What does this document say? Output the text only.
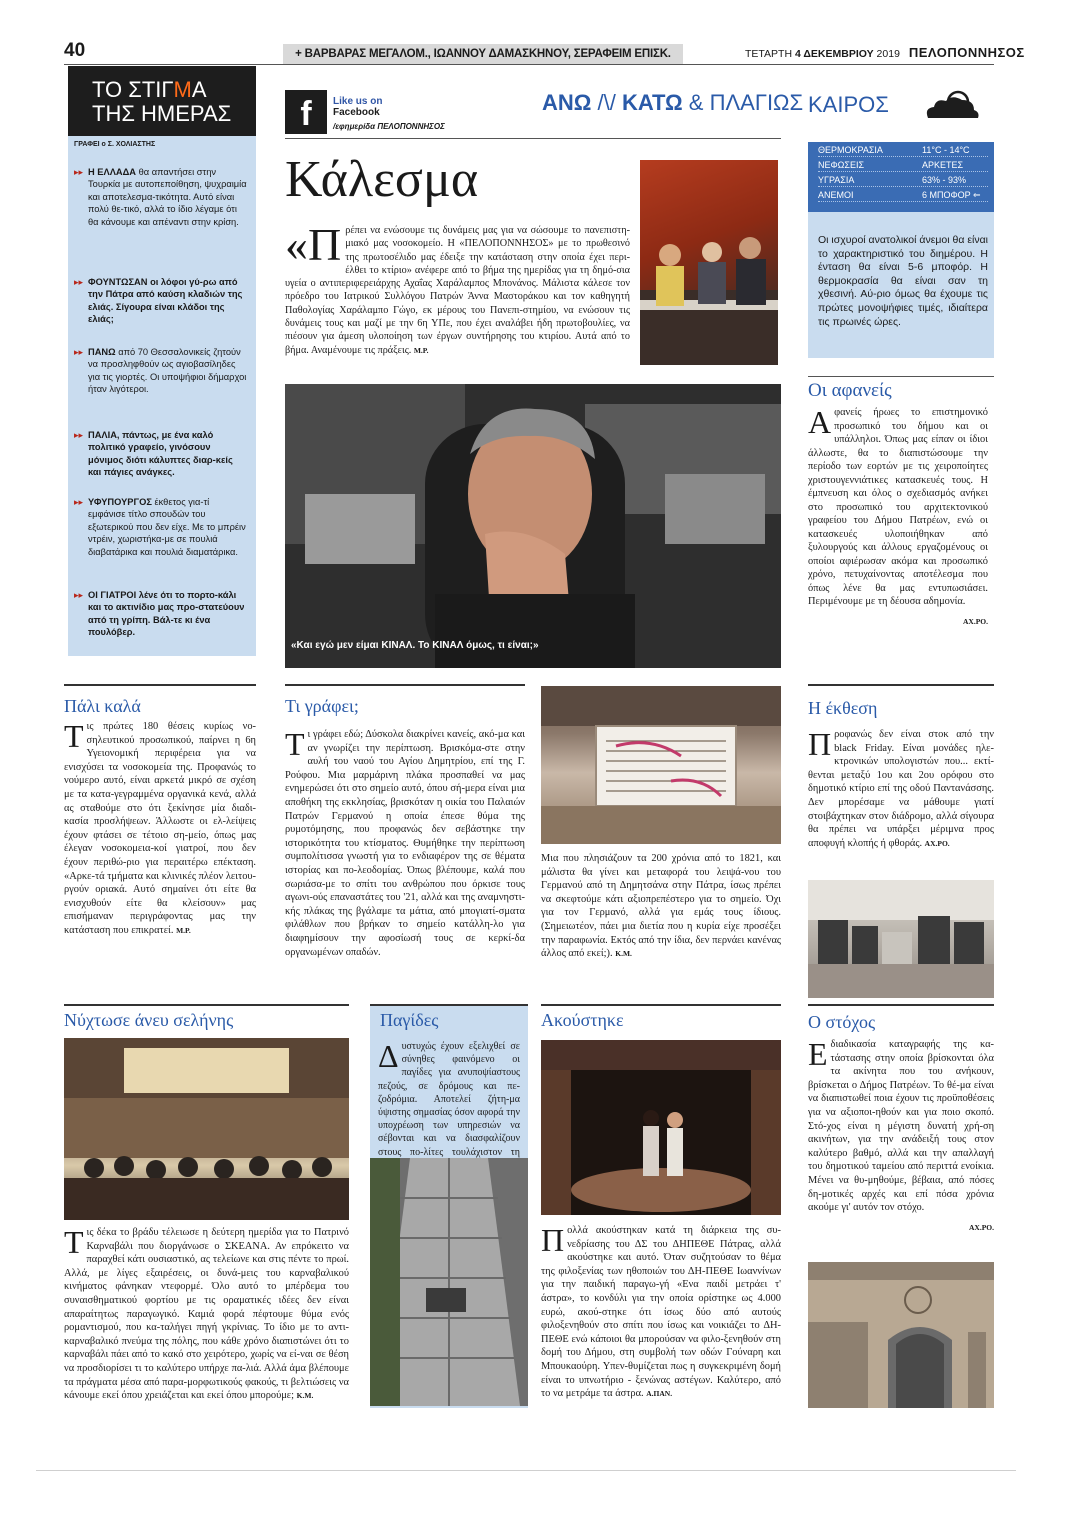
40	+ ΒΑΡΒΑΡΑΣ ΜΕΓΑΛΟΜ., ΙΩΑΝΝΟΥ ΔΑΜΑΣΚΗΝΟΥ, ΣΕΡΑΦΕΙΜ ΕΠΙΣΚ.	ΤΕΤΑΡΤΗ 4 ΔΕΚΕΜΒΡΙΟΥ 2019 ΠΕΛΟΠΟΝΝΗΣΟΣ
ΤΟ ΣΤΙΓΜΑ
ΤΗΣ ΗΜΕΡΑΣ
ΓΡΑΦΕΙ ο Σ. ΧΟΛΙΑΣΤΗΣ
▸▸ Η ΕΛΛΑΔΑ θα απαντήσει στην Τουρκία με αυτοπεποίθηση, ψυχραιμία και αποτελεσμα-τικότητα. Αυτό είναι πολύ θε-τικό, αλλά το ίδιο λέγαμε ότι θα κάνουμε και απέναντι στην κρίση.
▸▸ ΦΟΥΝΤΩΣΑΝ οι λόφοι γύ-ρω από την Πάτρα από καύση κλαδιών της ελιάς. Σίγουρα είναι κλάδοι της ελιάς;
▸▸ ΠΑΝΩ από 70 Θεσσαλονικείς ζητούν να προσληφθούν ως αγιοβασίληδες για τις γιορτές. Οι υποψήφιοι δήμαρχοι ήταν λιγότεροι.
▸▸ ΠΑΛΙΑ, πάντως, με ένα καλό πολιτικό γραφείο, γινόσουν μόνιμος διότι κάλυπτες διαρ-κείς και πάγιες ανάγκες.
▸▸ ΥΦΥΠΟΥΡΓΟΣ έκθετος για-τί εμφάνισε τίτλο σπουδών του εξωτερικού που δεν είχε. Με το μπρέιν ντρέιν, χωριστήκα-με σε πουλιά διαβατάρικα και πουλιά διαματάρικα.
▸▸ ΟΙ ΓΙΑΤΡΟΙ λένε ότι το πορτο-κάλι και το ακτινίδιο μας προ-στατεύουν από τη γρίπη. Βάλ-τε κι ένα πουλόβερ.
f	Like us on
Facebook
/εφημερίδα ΠΕΛΟΠΟΝΝΗΣΟΣ
ΑΝΩ /\/ ΚΑΤΩ & ΠΛΑΓΙΩΣ
Κάλεσμα
«Πρέπει να ενώσουμε τις δυνάμεις μας για να σώσουμε το πανεπιστη-μιακό μας νοσοκομείο. Η «ΠΕΛΟΠΟΝΝΗΣΟΣ» με το πρωθεσινό της πρωτοσέλιδο μας έδειξε την κατάσταση στην οποία έχει περι-έλθει το κτίριο» ανέφερε από το βήμα της ημερίδας για τη δημό-σια υγεία ο αντιπεριφερειάρχης Αχαΐας Χαράλαμπος Μπονάνος. Μάλιστα κάλεσε τον πρόεδρο του Ιατρικού Συλλόγου Πατρών Άννα Μαστοράκου και τον καθηγητή Παθολογίας Χαράλαμπο Γώγο, εκ μέρους του Πανεπι-στημίου, να ενώσουν τις δυνάμεις τους και μαζί με την 6η ΥΠε, που έχει αναλάβει ήδη πρωτοβουλίες, να πιέσουν για άμεση υλοποίηση των έργων συντήρησης του κτιρίου. Αυτά από το βήμα. Αναμένουμε τις πράξεις. Μ.Ρ.
ΚΑΙΡΟΣ
ΘΕΡΜΟΚΡΑΣΙΑ	11°C - 14°C
ΝΕΦΩΣΕΙΣ	ΑΡΚΕΤΕΣ
ΥΓΡΑΣΙΑ	63% - 93%
ΑΝΕΜΟΙ	6 ΜΠΟΦΟΡ ⇐
Οι ισχυροί ανατολικοί άνεμοι θα είναι το χαρακτηριστικό του διημέρου. Η ένταση θα είναι 5-6 μποφόρ. Η θερμοκρασία θα είναι σαν τη χθεσινή. Αύ-ριο όμως θα έχουμε τις πρώτες μονοψήφιες τιμές, ιδιαίτερα τις πρωινές ώρες.
«Και εγώ μεν είμαι ΚΙΝΑΛ. Το ΚΙΝΑΛ όμως, τι είναι;»
Οι αφανείς
Αφανείς ήρωες το επιστημονικό προσωπικό του δήμου και οι υπάλληλοι. Όπως μας είπαν οι ίδιοι άλλωστε, θα το διαπιστώσουμε την περίοδο των εορτών με τις χειροποίητες χριστουγεννιάτικες κατασκευές τους. Η έμπνευση και όλος ο σχεδιασμός ανήκει στο προσωπικό του αρχιτεκτονικού γραφείου του Δήμου Πατρέων, ενώ οι κατασκευές υλοποιήθηκαν από ξυλουργούς και άλλους εργαζομένους οι οποίοι αφιέρωσαν ακόμα και προσωπικό χρόνο, πετυχαίνοντας αποτέλεσμα που όπως λένε θα μας εντυπωσιάσει. Περιμένουμε με τη δέουσα αδημονία.
ΑΧ.ΡΟ.
Πάλι καλά
Τις πρώτες 180 θέσεις κυρίως νο-σηλευτικού προσωπικού, παίρνει η 6η Υγειονομική περιφέρεια για να ενισχύσει τα νοσοκομεία της. Προφανώς το νούμερο αυτό, είναι αρκετά μικρό σε σχέση με τα κατα-γεγραμμένα οργανικά κενά, αλλά ας σταθούμε στο ότι ξεκίνησε μία διαδι-κασία προσλήψεων. Άλλωστε οι ελ-λείψεις έχουν φτάσει σε τέτοιο ση-μείο, όπως μας έλεγαν νοσοκομεια-κοί γιατροί, που δεν έχουν περιθώ-ριο για περαιτέρω επέκταση. «Αρκε-τά τμήματα και κλινικές πλέον λειτου-ργούν οριακά. Αυτό σημαίνει ότι είτε θα ενισχυθούν είτε θα κλείσουν» μας επισήμαναν περιγράφοντας μας την κατάσταση που επικρατεί. Μ.Ρ.
Τι γράφει;
Τι γράφει εδώ; Δύσκολα διακρίνει κανείς, ακό-μα και αν γνωρίζει την περίπτωση. Βρισκόμα-στε στην αυλή του ναού του Αγίου Δημητρίου, επί της Γ. Ρούφου. Μια μαρμάρινη πλάκα προσπαθεί να μας ενημερώσει ότι στο σημείο αυτό, όπου σή-μερα είναι μια αποθήκη της εκκλησίας, βρισκόταν η οικία του Παλαιών Πατρών Γερμανού η οποία έπεσε θύμα της ρυμοτόμησης, που προφανώς δεν σεβάστηκε την ιστορικότητα του κτίσματος. Θυμήθηκε την περίπτωση συμπολίτισσα γνωστή για το ενδιαφέρον της σε θέματα ιστορίας και πο-λεοδομίας. Όπως βλέπουμε, καλά που σωριάσα-με το σπίτι του ανθρώπου που όρκισε τους αγωνι-ούς επαναστάτες του '21, αλλά και της αναμνηστι-κής πλάκας της βγάλαμε τα μάτια, από μπογιατί-σματα φιλάθλων που βρήκαν το σημείο κατάλλη-λο για διαφημίσουν την αφοσίωσή τους σε κερκί-δα οργανωμένων οπαδών.
Μια που πλησιάζουν τα 200 χρόνια από το 1821, και μάλιστα θα γίνει και μεταφορά του λειψά-νου του Γερμανού από τη Δημητσάνα στην Πάτρα, ίσως πρέπει να σκεφτούμε κάτι αξιοπρεπέστερο για το σημείο. Όχι για τον Γερμανό, αλλά για εμάς τους ίδιους. (Σημειωτέον, πάει μια διετία που η κυρία είχε προσέξει την παραφωνία. Εκτός από την ίδια, δεν περνάει κανένας άλλος από εκεί;). Κ.Μ.
Η έκθεση
Προφανώς δεν είναι στοκ από την black Friday. Είναι μονάδες ηλε-κτρονικών υπολογιστών που... εκτί-θενται μεταξύ 1ου και 2ου ορόφου στο δημοτικό κτίριο επί της οδού Παντανάσσης. Δεν μπορέσαμε να μάθουμε γιατί στοιβάχτηκαν στον διάδρομο, αλλά σίγουρα θα πρέπει να υπάρξει μέριμνα προς αποφυγή κλοπής ή φθοράς. ΑΧ.ΡΟ.
Νύχτωσε άνευ σελήνης
Τις δέκα το βράδυ τέλειωσε η δεύτερη ημερίδα για το Πατρινό Καρναβάλι που διοργάνωσε ο ΣΚΕΑΝΑ. Αν επρόκειτο να παραχθεί κάτι ουσιαστικό, ας τελείωνε και στις πέντε το πρωί. Αλλά, με λίγες εξαιρέσεις, οι δυνά-μεις του καρναβαλικού κινήματος φάνηκαν ντεφορμέ. Όλο αυτό το μπέρδεμα του συναισθηματικού φορτίου με τις οραματικές ιδέες δεν είναι απαραίτητως παραγωγικό. Καμιά φορά πέφτουμε θύμα ενός ρομαντισμού, που κα-ταλήγει πηγή γκρίνιας. Το ίδιο με το αντι-καρναβαλικό πνεύμα της πόλης, που κάθε χρόνο διαπιστώνει ότι το καρναβάλι πάει από το κακό στο χειρότερο, χωρίς να εί-ναι σε θέση να προσδιορίσει τι το καλύτερο υπήρχε πα-λιά. Αλλά άμα βλέπουμε τα πράγματα μέσα από παρα-μορφωτικούς φακούς, τι βελτιώσεις να κάνουμε εκεί όπου χρειάζεται και εκεί όπου μπορούμε; Κ.Μ.
Παγίδες
Δυστυχώς έχουν εξελιχθεί σε σύνηθες φαινόμενο οι παγίδες για ανυποψίαστους πεζούς, σε δρόμους και πε-ζοδρόμια. Αποτελεί ζήτη-μα ύψιστης σημασίας όσον αφορά την υποχρέωση των υπηρεσιών να σέβονται και να διασφαλίζουν στους πο-λίτες τουλάχιστον τη
Ακούστηκε
Πολλά ακούστηκαν κατά τη διάρκεια της συ-νεδρίασης του ΔΣ του ΔΗΠΕΘΕ Πάτρας, αλλά ακούστηκε και αυτό. Όταν συζητούσαν το θέμα της φιλοξενίας των ηθοποιών του ΔΗ-ΠΕΘΕ Ιωαννίνων για την παιδική παραγω-γή «Ενα παιδί μετράει τ' άστρα», το κονδύλι για την οποία ορίστηκε ως 4.000 ευρώ, ακού-στηκε ότι ίσως δύο από αυτούς φιλοξενηθούν στο σπίτι που ίσως και νοικιάζει το ΔΗ-ΠΕΘΕ ενώ κάποιοι θα μπορούσαν να φιλο-ξενηθούν στη δομή του Δήμου, στη συμβολή των οδών Γούναρη και Μπουκαούρη. Υπεν-θυμίζεται πως η συγκεκριμένη δομή είναι το υπνωτήριο - ξενώνας αστέγων. Καλύτερο, από το να μετράμε τα άστρα. Α.ΠΑΝ.
Ο στόχος
Εδιαδικασία καταγραφής της κα-τάστασης στην οποία βρίσκονται όλα τα ακίνητα που του ανήκουν, βρίσκεται ο Δήμος Πατρέων. Το θέ-μα είναι να διαπιστωθεί ποια έχουν τις προϋποθέσεις για να αξιοποι-ηθούν και για ποιο σκοπό. Στό-χος είναι η μέγιστη δυνατή χρή-ση ακινήτων, για την ανάδειξή τους στον καλύτερο βαθμό, αλλά και την απαλλαγή του δημοτικού ταμείου από περιττά ενοίκια. Μένει να θυ-μηθούμε, βέβαια, από πόσες δη-μοτικές αρχές και επί πόσα χρόνια ακούμε γι' αυτόν τον στόχο.
ΑΧ.ΡΟ.
